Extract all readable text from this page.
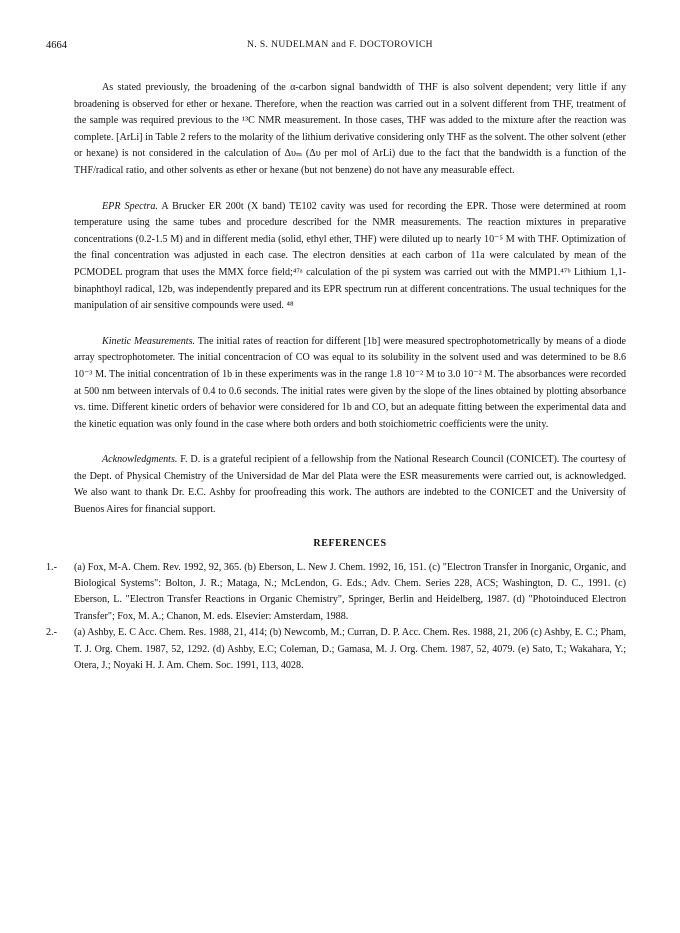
4664	N. S. NUDELMAN and F. DOCTOROVICH

As stated previously, the broadening of the α-carbon signal bandwidth of THF is also solvent dependent; very little if any broadening is observed for ether or hexane. Therefore, when the reaction was carried out in a solvent different from THF, treatment of the sample was required previous to the ¹³C NMR measurement. In those cases, THF was added to the mixture after the reaction was complete. [ArLi] in Table 2 refers to the molarity of the lithium derivative considering only THF as the solvent. The other solvent (ether or hexane) is not considered in the calculation of Δυₘ (Δυ per mol of ArLi) due to the fact that the bandwidth is a function of the THF/radical ratio, and other solvents as ether or hexane (but not benzene) do not have any measurable effect.

EPR Spectra. A Brucker ER 200t (X band) TE102 cavity was used for recording the EPR. Those were determined at room temperature using the same tubes and procedure described for the NMR measurements. The reaction mixtures in preparative concentrations (0.2-1.5 M) and in different media (solid, ethyl ether, THF) were diluted up to nearly 10⁻⁵ M with THF. Optimization of the final concentration was adjusted in each case. The electron densities at each carbon of 11a were calculated by mean of the PCMODEL program that uses the MMX force field;⁴⁷ᵃ calculation of the pi system was carried out with the MMP1.⁴⁷ᵇ Lithium 1,1-binaphthoyl radical, 12b, was independently prepared and its EPR spectrum run at different concentrations. The usual techniques for the manipulation of air sensitive compounds were used. ⁴⁸

Kinetic Measurements. The initial rates of reaction for different [1b] were measured spectrophotometrically by means of a diode array spectrophotometer. The initial concentracion of CO was equal to its solubility in the solvent used and was determined to be 8.6 10⁻³ M. The initial concentration of 1b in these experiments was in the range 1.8 10⁻² M to 3.0 10⁻² M. The absorbances were recorded at 500 nm between intervals of 0.4 to 0.6 seconds. The initial rates were given by the slope of the lines obtained by plotting absorbance vs. time. Different kinetic orders of behavior were considered for 1b and CO, but an adequate fitting between the experimental data and the kinetic equation was only found in the case where both orders and both stoichiometric coefficients were the unity.

Acknowledgments. F. D. is a grateful recipient of a fellowship from the National Research Council (CONICET). The courtesy of the Dept. of Physical Chemistry of the Universidad de Mar del Plata were the ESR measurements were carried out, is acknowledged. We also want to thank Dr. E.C. Ashby for proofreading this work. The authors are indebted to the CONICET and the University of Buenos Aires for financial support.

REFERENCES
1.- (a) Fox, M-A. Chem. Rev. 1992, 92, 365. (b) Eberson, L. New J. Chem. 1992, 16, 151. (c) "Electron Transfer in Inorganic, Organic, and Biological Systems": Bolton, J. R.; Mataga, N.; McLendon, G. Eds.; Adv. Chem. Series 228, ACS; Washington, D. C., 1991. (c) Eberson, L. "Electron Transfer Reactions in Organic Chemistry", Springer, Berlin and Heidelberg, 1987. (d) "Photoinduced Electron Transfer"; Fox, M. A.; Chanon, M. eds. Elsevier: Amsterdam, 1988.
2.- (a) Ashby, E. C Acc. Chem. Res. 1988, 21, 414; (b) Newcomb, M.; Curran, D. P. Acc. Chem. Res. 1988, 21, 206 (c) Ashby, E. C.; Pham, T. J. Org. Chem. 1987, 52, 1292. (d) Ashby, E.C; Coleman, D.; Gamasa, M. J. Org. Chem. 1987, 52, 4079. (e) Sato, T.; Wakahara, Y.; Otera, J.; Noyaki H. J. Am. Chem. Soc. 1991, 113, 4028.
